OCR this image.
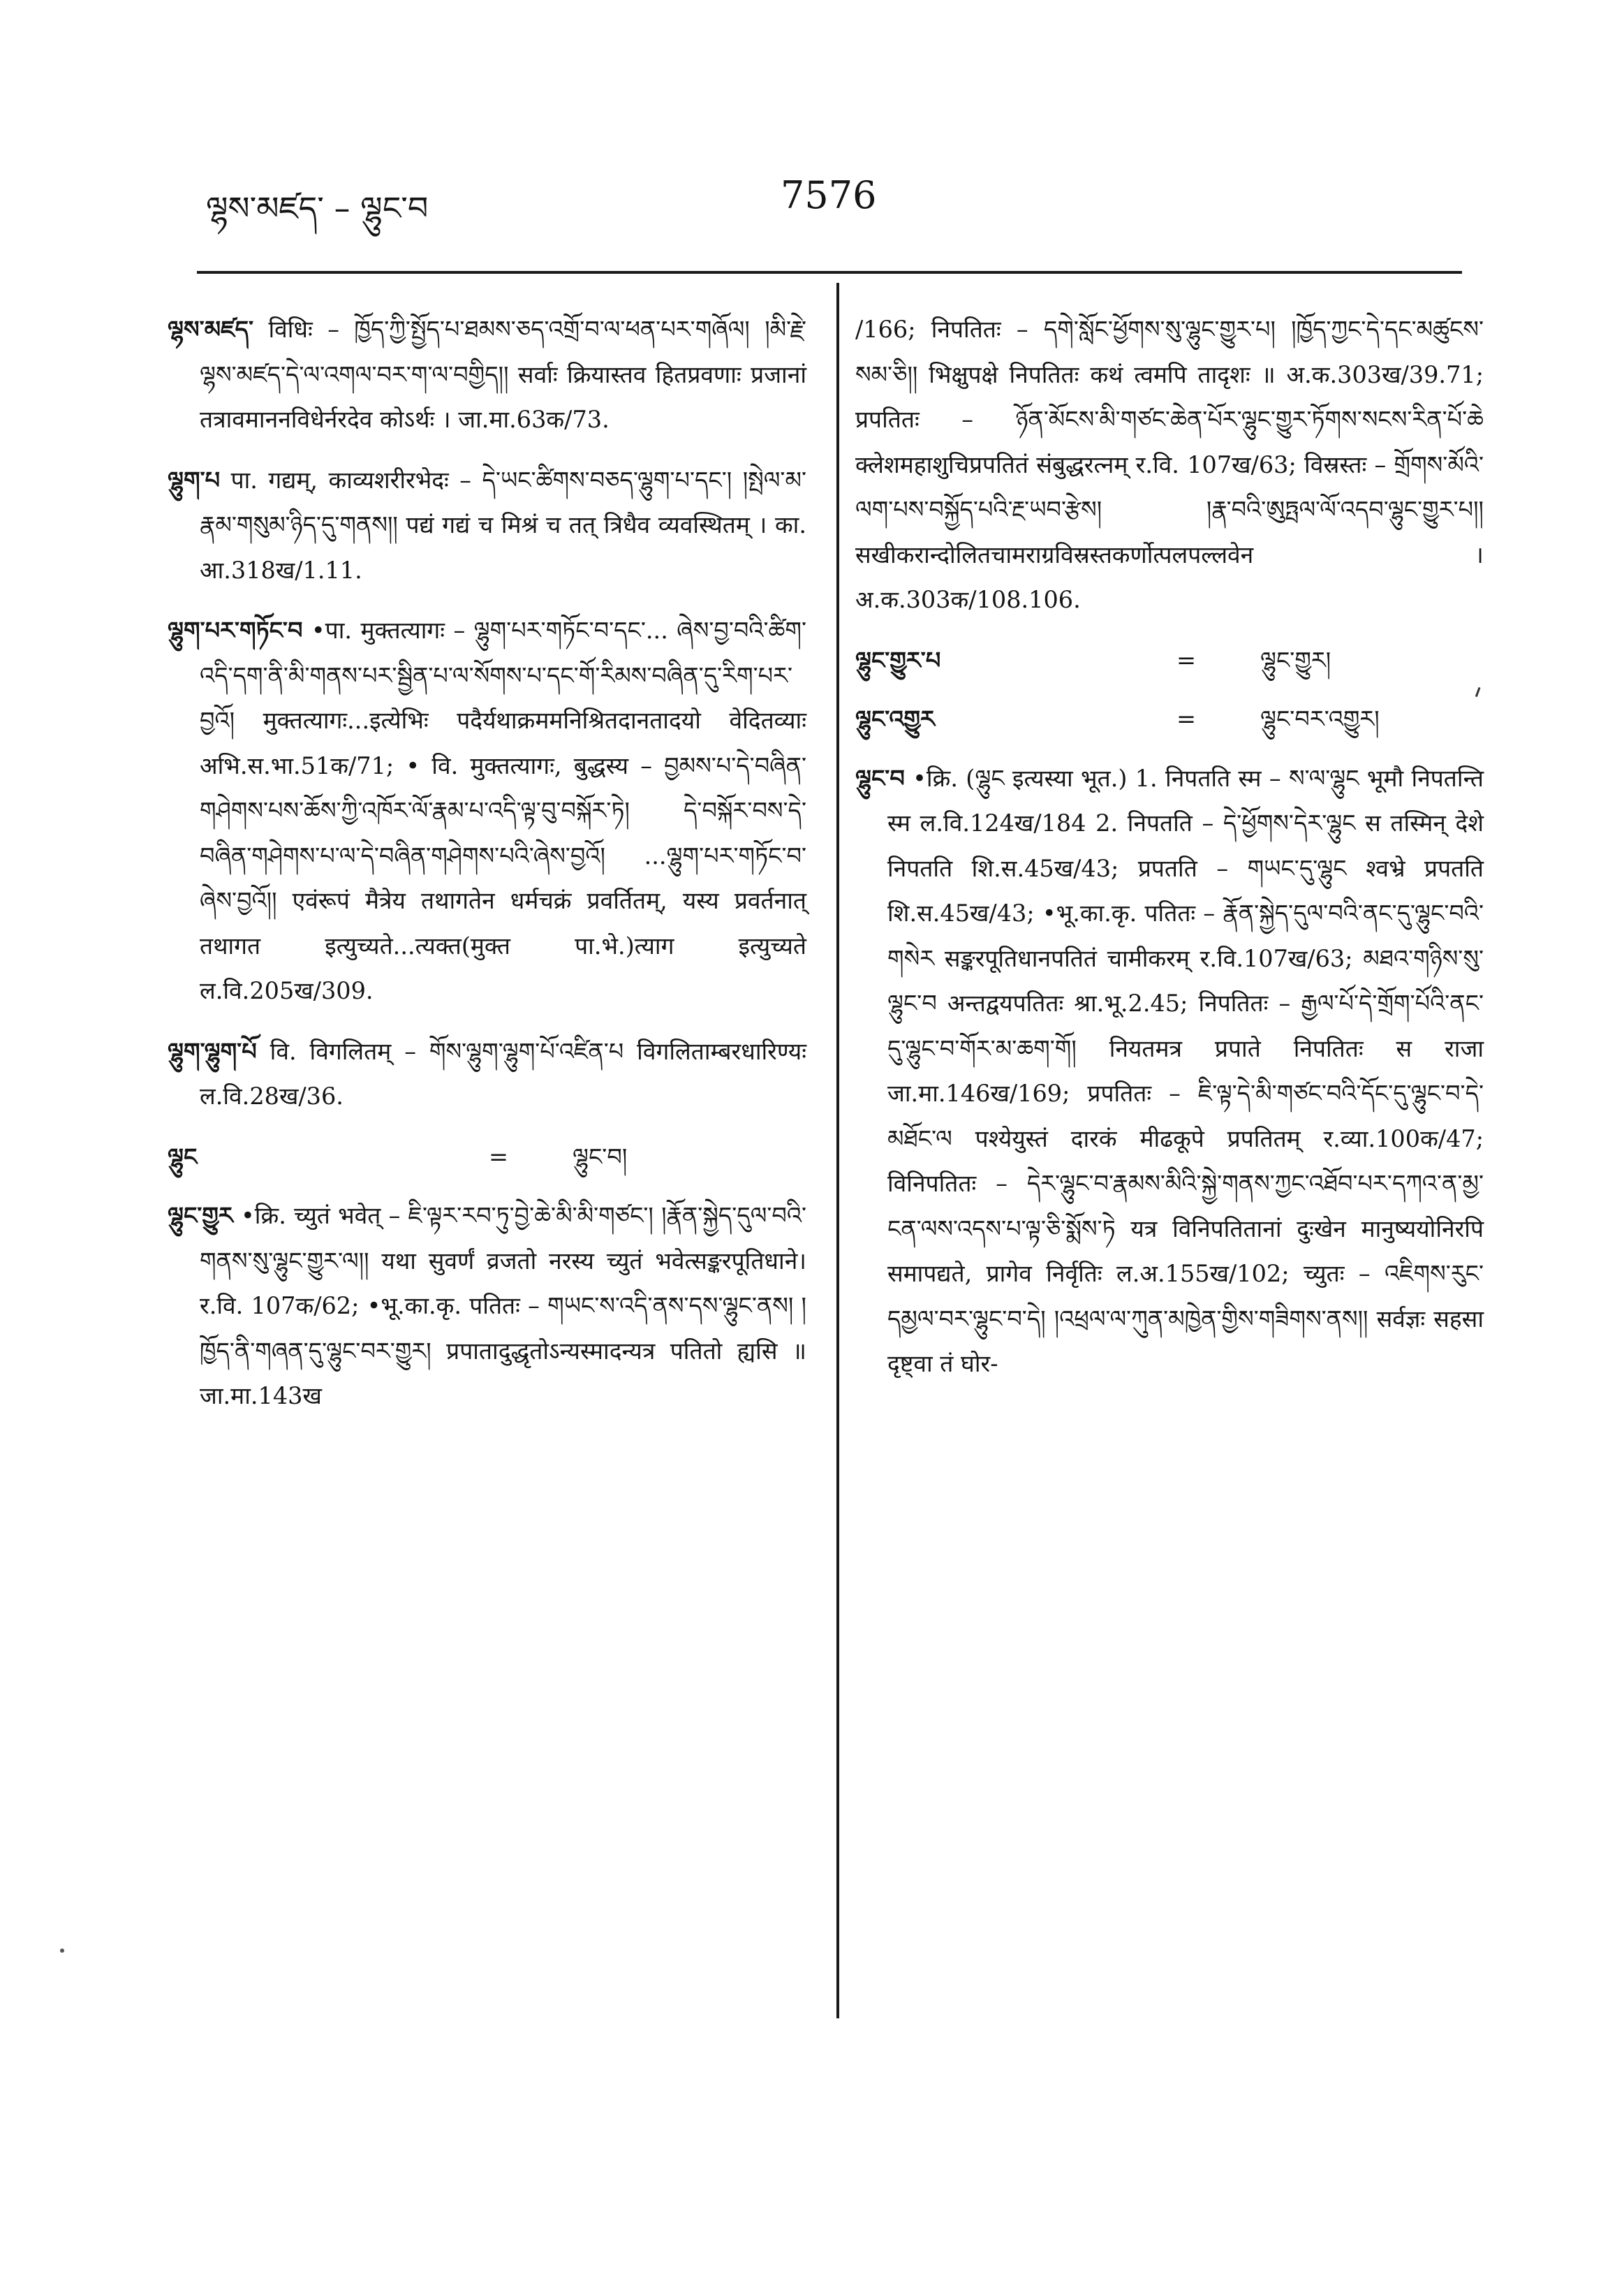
ལྷས་མཛད་ – ལྷུང་བ	7576

ལྷས་མཛད་ विधिः – ཁྱོད་ཀྱི་སྤྱོད་པ་ཐམས་ཅད་འགྲོ་བ་ལ་ཕན་པར་གཞོལ། །མི་རྗེ་ལྷས་མཛད་དེ་ལ་འགལ་བར་ག་ལ་བགྱིད།། सर्वाः क्रियास्तव हितप्रवणाः प्रजानां तत्रावमाननविधेर्नरदेव कोऽर्थः । जा.मा.63क/73.

ལྷུག་པ पा. गद्यम्, काव्यशरीरभेदः – དེ་ཡང་ཚིགས་བཅད་ལྷུག་པ་དང་། །སྤེལ་མ་རྣམ་གསུམ་ཉིད་དུ་གནས།། पद्यं गद्यं च मिश्रं च तत् त्रिधैव व्यवस्थितम् । का. आ.318ख/1.11.

ལྷུག་པར་གཏོང་བ •पा. मुक्तत्यागः – ལྷུག་པར་གཏོང་བ་དང་... ཞེས་བྱ་བའི་ཚིག་འདི་དག་ནི་མི་གནས་པར་སྦྱིན་པ་ལ་སོགས་པ་དང་གོ་རིམས་བཞིན་དུ་རིག་པར་བྱའོ། मुक्तत्यागः...इत्येभिः पदैर्यथाक्रममनिश्रितदानतादयो वेदितव्याः अभि.स.भा.51क/71; • वि. मुक्तत्यागः, बुद्धस्य – བྱམས་པ་དེ་བཞིན་གཤེགས་པས་ཆོས་ཀྱི་འཁོར་ལོ་རྣམ་པ་འདི་ལྟ་བུ་བསྐོར་ཏེ། དེ་བསྐོར་བས་དེ་བཞིན་གཤེགས་པ་ལ་དེ་བཞིན་གཤེགས་པའི་ཞེས་བྱའོ། ...ལྷུག་པར་གཏོང་བ་ཞེས་བྱའོ།། एवंरूपं मैत्रेय तथागतेन धर्मचक्रं प्रवर्तितम्, यस्य प्रवर्तनात् तथागत इत्युच्यते...त्यक्त(मुक्त पा.भे.)त्याग इत्युच्यते ल.वि.205ख/309.

ལྷུག་ལྷུག་པོ वि. विगलितम् – གོས་ལྷུག་ལྷུག་པོ་འཛིན་པ विगलिताम्बरधारिण्यः ल.वि.28ख/36.

ལྷུང	=	ལྷུང་བ།

ལྷུང་གྱུར •क्रि. च्युतं भवेत् – ཇི་ལྟར་རབ་ཏུ་བྱེ་ཆེ་མི་མི་གཙང་། །རྣོན་སྐྱེད་དུལ་བའི་གནས་སུ་ལྷུང་གྱུར་ལ།། यथा सुवर्णं व्रजतो नरस्य च्युतं भवेत्सङ्करपूतिधाने। र.वि. 107क/62; •भू.का.कृ. पतितः – གཡང་ས་འདི་ནས་དས་ལྷུང་ནས། །ཁྱོད་ནི་གཞན་དུ་ལྷུང་བར་གྱུར། प्रपातादुद्धृतोऽन्यस्मादन्यत्र पतितो ह्यसि ॥ जा.मा.143ख

/166; निपतितः – དགེ་སློང་ཕྱོགས་སུ་ལྷུང་གྱུར་པ། །ཁྱོད་ཀྱང་དེ་དང་མཚུངས་སམ་ཅི།། भिक्षुपक्षे निपतितः कथं त्वमपि तादृशः ॥ अ.क.303ख/39.71; प्रपतितः – ཉོན་མོངས་མི་གཙང་ཆེན་པོར་ལྷུང་གྱུར་ཏོགས་སངས་རིན་པོ་ཆེ क्लेशमहाशुचिप्रपतितं संबुद्धरत्नम् र.वि. 107ख/63; विस्रस्तः – གྲོགས་མོའི་ལག་པས་བསྐྱོད་པའི་རྔ་ཡབ་རྩེས། །རྣ་བའི་ཨུཏྤལ་ལོ་འདབ་ལྷུང་གྱུར་པ།། सखीकरान्दोलितचामराग्रविस्रस्तकर्णोत्पलपल्लवेन । अ.क.303क/108.106.

ལྷུང་གྱུར་པ	=	ལྷུང་གྱུར།
ལྷུང་འགྱུར	=	ལྷུང་བར་འགྱུར།

ལྷུང་བ •क्रि. (ལྷུང इत्यस्या भूत.) 1. निपतति स्म – ས་ལ་ལྷུང भूमौ निपतन्ति स्म ल.वि.124ख/184 2. निपतति – དེ་ཕྱོགས་དེར་ལྷུང स तस्मिन् देशे निपतति शि.स.45ख/43; प्रपतति – གཡང་དུ་ལྷུང श्वभ्रे प्रपतति शि.स.45ख/43; •भू.का.कृ. पतितः – རྣོན་སྐྱེད་དུལ་བའི་ནང་དུ་ལྷུང་བའི་གསེར सङ्करपूतिधानपतितं चामीकरम् र.वि.107ख/63; མཐའ་གཉིས་སུ་ལྷུང་བ अन्तद्वयपतितः श्रा.भू.2.45; निपतितः – རྒྱལ་པོ་དེ་གྲོག་པོའི་ནང་དུ་ལྷུང་བ་གོར་མ་ཆག་གོ། नियतमत्र प्रपाते निपतितः स राजा जा.मा.146ख/169; प्रपतितः – ཇི་ལྟ་དེ་མི་གཙང་བའི་དོང་དུ་ལྷུང་བ་དེ་མཐོང་ལ पश्येयुस्तं दारकं मीढकूपे प्रपतितम् र.व्या.100क/47; विनिपतितः – དེར་ལྷུང་བ་རྣམས་མིའི་སྐྱེ་གནས་ཀྱང་འཐོབ་པར་དཀའ་ན་མྱ་ངན་ལས་འདས་པ་ལྟ་ཅི་སྨོས་ཏེ यत्र विनिपतितानां दुःखेन मानुष्ययोनिरपि समापद्यते, प्रागेव निर्वृतिः ल.अ.155ख/102; च्युतः – འཇིགས་རུང་དམྱལ་བར་ལྷུང་བ་དེ། །འཕྲལ་ལ་ཀུན་མཁྱེན་གྱིས་གཟིགས་ནས།། सर्वज्ञः सहसा दृष्ट्वा तं घोर-
